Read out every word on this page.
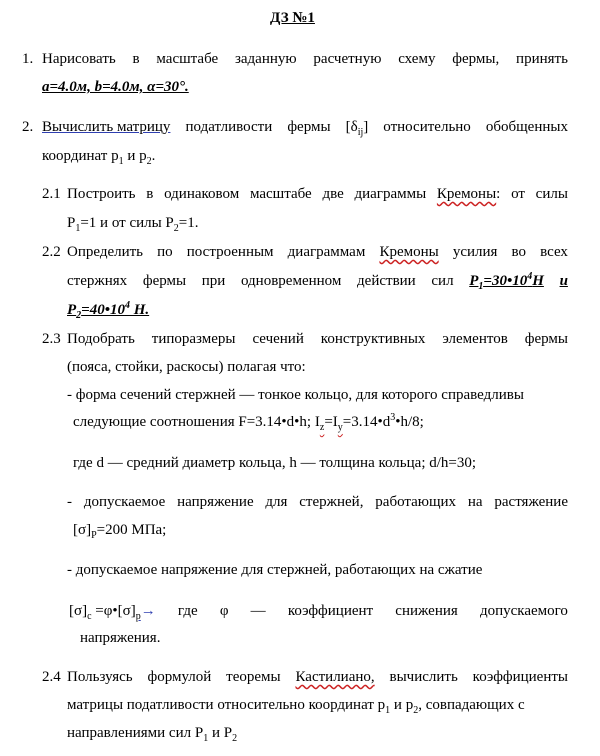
ДЗ №1
1. Нарисовать в масштабе заданную расчетную схему фермы, принять
a=4.0м, b=4.0м, α=30°.
2. Вычислить матрицу податливости фермы $[\delta_{ij}]$ относительно обобщенных
координат $p_1$ и $p_2$.
2.1 Построить в одинаковом масштабе две диаграммы Кремоны: от силы
$P_1=1$ и от силы $P_2=1$.
2.2 Определить по построенным диаграммам Кремоны усилия во всех
стержнях фермы при одновременном действии сил $P_1=30•10^4Н$ и
$P_2=40•10^4$ Н.
2.3 Подобрать типоразмеры сечений конструктивных элементов фермы
(пояса, стойки, раскосы) полагая что:
- форма сечений стержней — тонкое кольцо, для которого справедливы
следующие соотношения F=3.14•d•h; $I_z=I_y=3.14•d^3•h/8$;
где d — средний диаметр кольца, h — толщина кольца; d/h=30;
- допускаемое напряжение для стержней, работающих на растяжение
$[\sigma]_P=200$ МПа;
- допускаемое напряжение для стержней, работающих на сжатие
$[\sigma]_c$ $=\varphi•[\sigma]_p\to$ где φ — коэффициент снижения допускаемого
напряжения.
2.4 Пользуясь формулой теоремы Кастилиано, вычислить коэффициенты
матрицы податливости относительно координат $p_1$ и $p_2$, совпадающих с
направлениями сил $P_1$ и $P_2$
